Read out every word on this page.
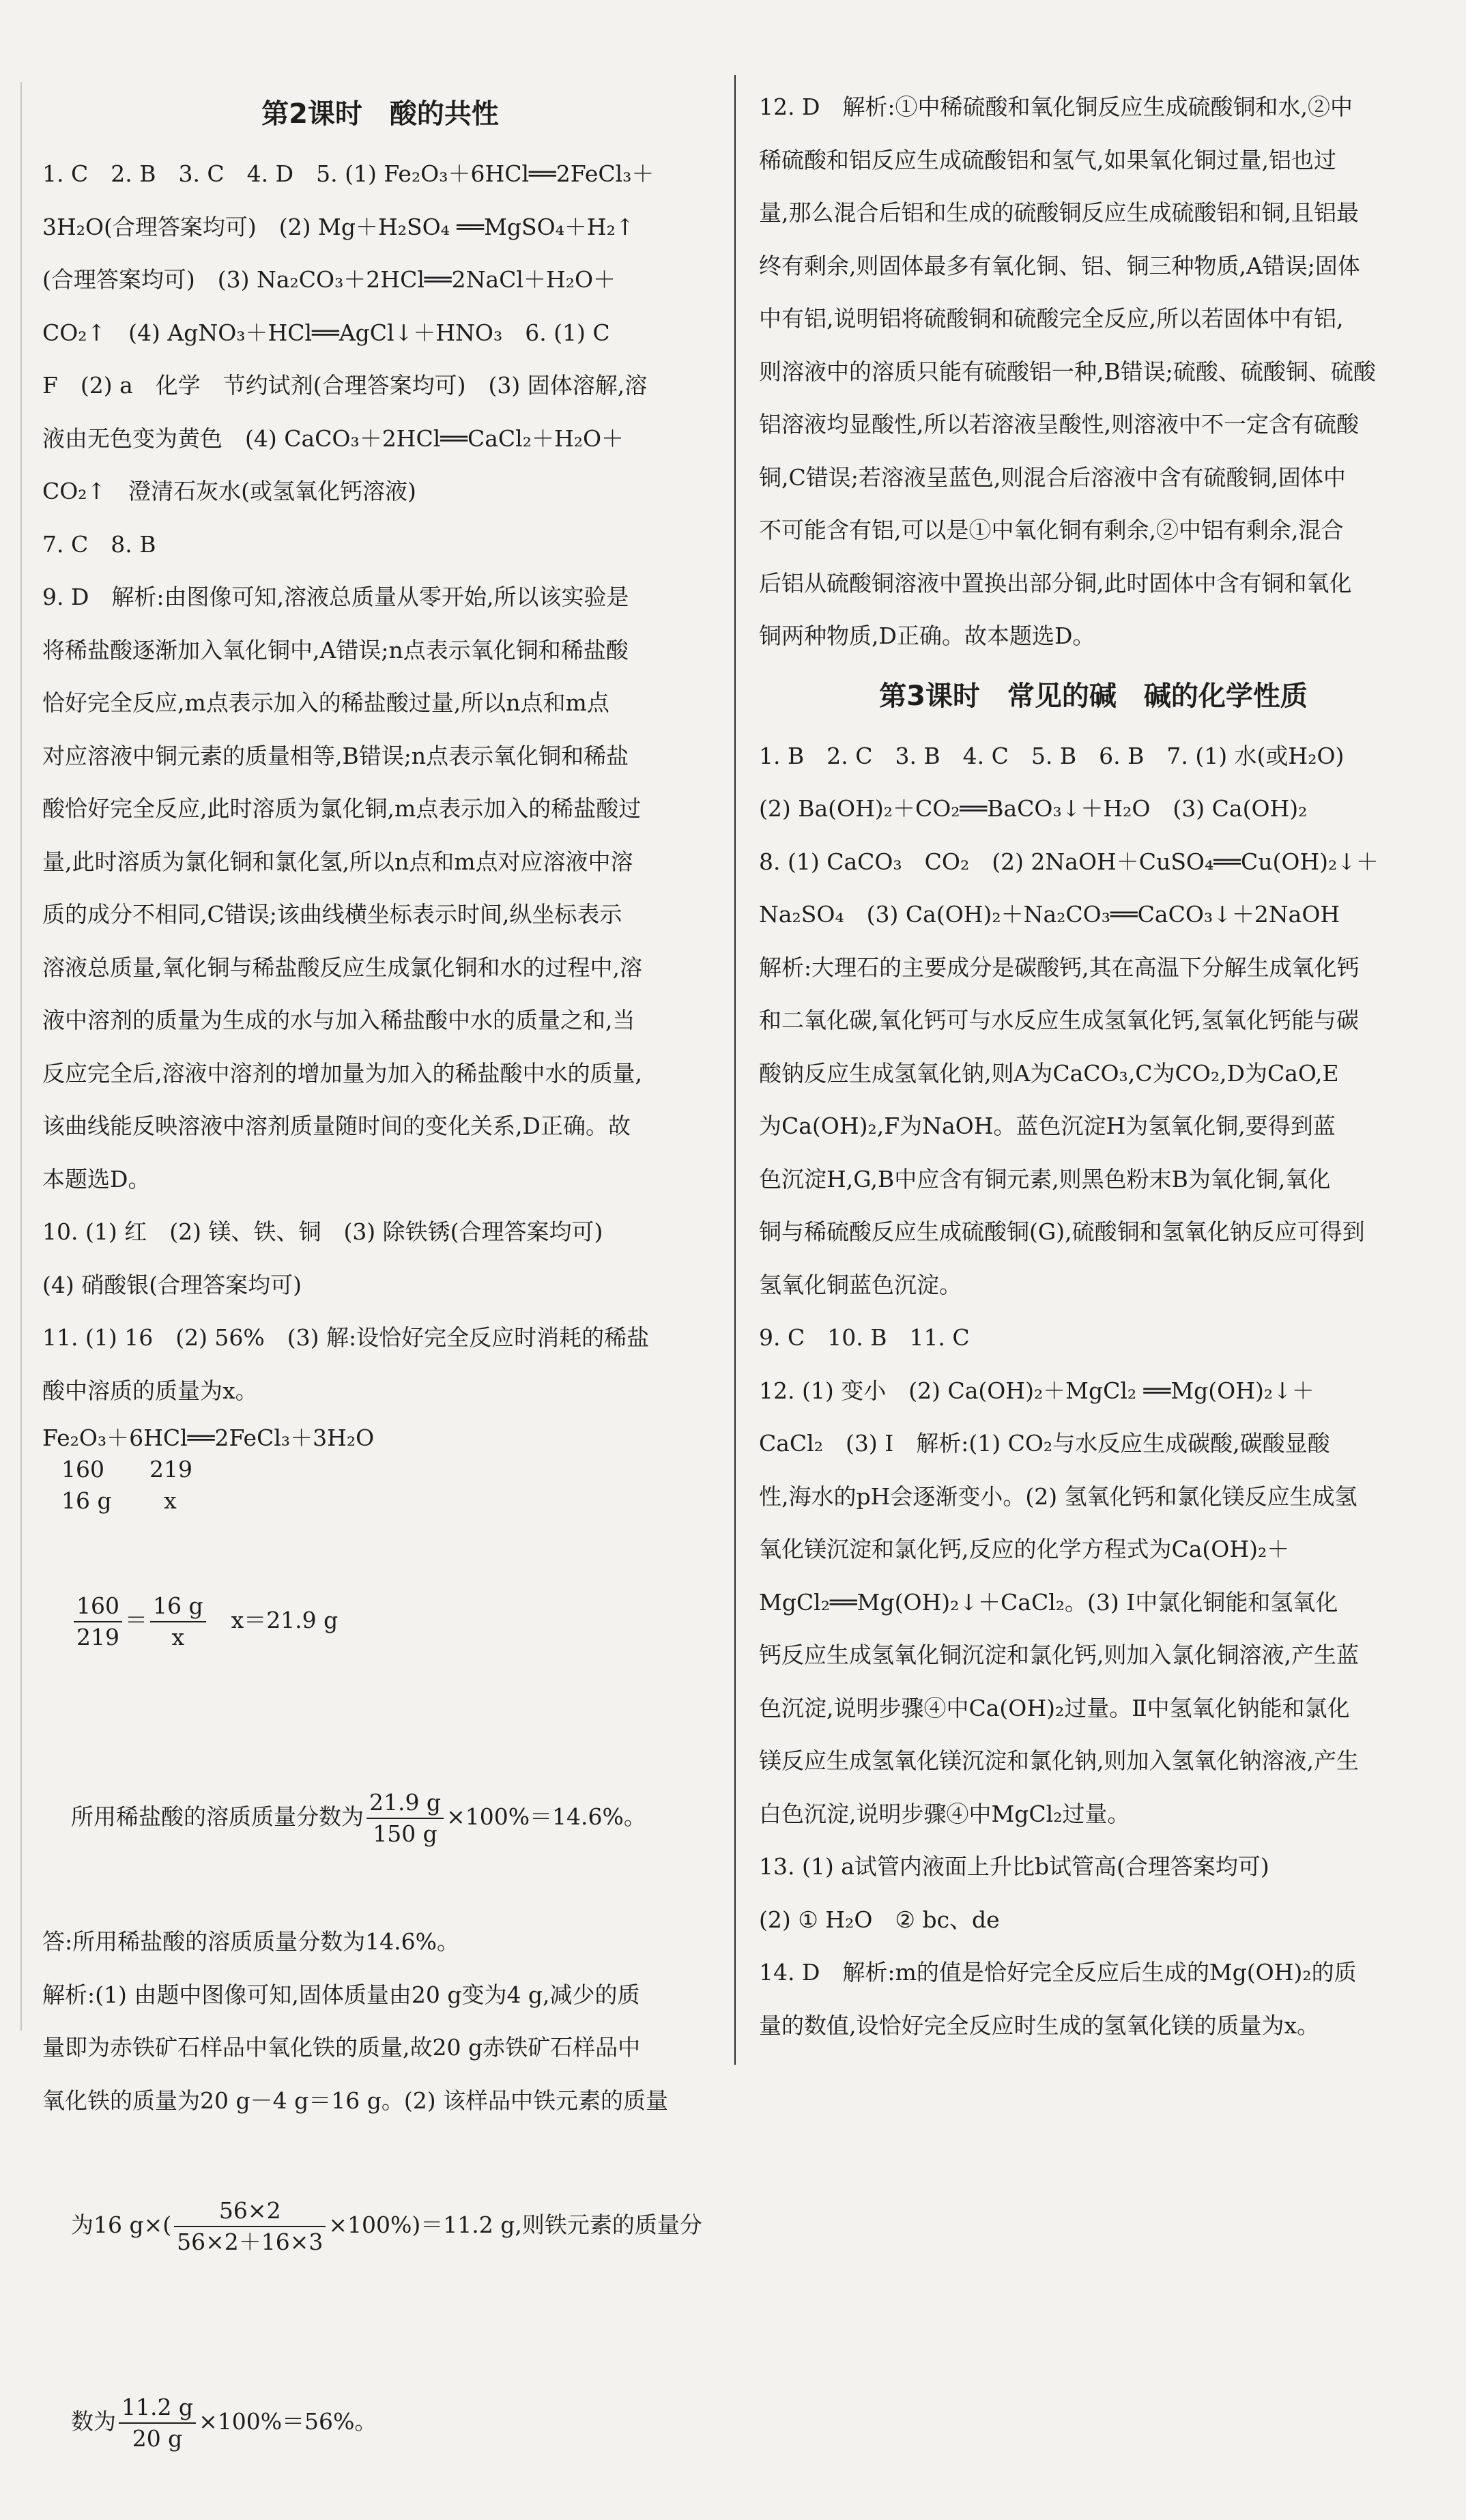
第2课时　酸的共性

1. C　2. B　3. C　4. D　5. (1) Fe₂O₃＋6HCl══2FeCl₃＋

3H₂O(合理答案均可)　(2) Mg＋H₂SO₄ ══MgSO₄＋H₂↑

(合理答案均可)　(3) Na₂CO₃＋2HCl══2NaCl＋H₂O＋

CO₂↑　(4) AgNO₃＋HCl══AgCl↓＋HNO₃　6. (1) C

F　(2) a　化学　节约试剂(合理答案均可)　(3) 固体溶解,溶

液由无色变为黄色　(4) CaCO₃＋2HCl══CaCl₂＋H₂O＋

CO₂↑　澄清石灰水(或氢氧化钙溶液)

7. C　8. B

9. D　解析:由图像可知,溶液总质量从零开始,所以该实验是

将稀盐酸逐渐加入氧化铜中,A错误;n点表示氧化铜和稀盐酸

恰好完全反应,m点表示加入的稀盐酸过量,所以n点和m点

对应溶液中铜元素的质量相等,B错误;n点表示氧化铜和稀盐

酸恰好完全反应,此时溶质为氯化铜,m点表示加入的稀盐酸过

量,此时溶质为氯化铜和氯化氢,所以n点和m点对应溶液中溶

质的成分不相同,C错误;该曲线横坐标表示时间,纵坐标表示

溶液总质量,氧化铜与稀盐酸反应生成氯化铜和水的过程中,溶

液中溶剂的质量为生成的水与加入稀盐酸中水的质量之和,当

反应完全后,溶液中溶剂的增加量为加入的稀盐酸中水的质量,

该曲线能反映溶液中溶剂质量随时间的变化关系,D正确。故

本题选D。

10. (1) 红　(2) 镁、铁、铜　(3) 除铁锈(合理答案均可)

(4) 硝酸银(合理答案均可)

11. (1) 16　(2) 56%　(3) 解:设恰好完全反应时消耗的稀盐

酸中溶质的质量为x。

Fe₂O₃＋6HCl══2FeCl₃＋3H₂O
160　　219
16 g　　 x

$\frac{160}{219} = \frac{16 g}{x}$
　 x＝21.9 g

所用稀盐酸的溶质质量分数为 $\frac{21.9 g}{150 g} \times 100\%=14.6\%$。

答:所用稀盐酸的溶质质量分数为14.6%。

解析:(1) 由题中图像可知,固体质量由20 g变为4 g,减少的质

量即为赤铁矿石样品中氧化铁的质量,故20 g赤铁矿石样品中

氧化铁的质量为20 g－4 g＝16 g。(2) 该样品中铁元素的质量

为16 $g\times( \frac{56\times 2}{56\times 2+16\times 3} \times 100\%)=11.2$ g,则铁元素的质量分

数为 $\frac{11.2 g}{20 g} \times 100\%=56\%$。

12. D　解析:①中稀硫酸和氧化铜反应生成硫酸铜和水,②中

稀硫酸和铝反应生成硫酸铝和氢气,如果氧化铜过量,铝也过

量,那么混合后铝和生成的硫酸铜反应生成硫酸铝和铜,且铝最

终有剩余,则固体最多有氧化铜、铝、铜三种物质,A错误;固体

中有铝,说明铝将硫酸铜和硫酸完全反应,所以若固体中有铝,

则溶液中的溶质只能有硫酸铝一种,B错误;硫酸、硫酸铜、硫酸

铝溶液均显酸性,所以若溶液呈酸性,则溶液中不一定含有硫酸

铜,C错误;若溶液呈蓝色,则混合后溶液中含有硫酸铜,固体中

不可能含有铝,可以是①中氧化铜有剩余,②中铝有剩余,混合

后铝从硫酸铜溶液中置换出部分铜,此时固体中含有铜和氧化

铜两种物质,D正确。故本题选D。

第3课时　常见的碱　碱的化学性质

1. B　2. C　3. B　4. C　5. B　6. B　7. (1) 水(或H₂O)

(2) Ba(OH)₂＋CO₂══BaCO₃↓＋H₂O　(3) Ca(OH)₂

8. (1) CaCO₃　CO₂　(2) 2NaOH＋CuSO₄══Cu(OH)₂↓＋

Na₂SO₄　(3) Ca(OH)₂＋Na₂CO₃══CaCO₃↓＋2NaOH

解析:大理石的主要成分是碳酸钙,其在高温下分解生成氧化钙

和二氧化碳,氧化钙可与水反应生成氢氧化钙,氢氧化钙能与碳

酸钠反应生成氢氧化钠,则A为CaCO₃,C为CO₂,D为CaO,E

为Ca(OH)₂,F为NaOH。蓝色沉淀H为氢氧化铜,要得到蓝

色沉淀H,G,B中应含有铜元素,则黑色粉末B为氧化铜,氧化

铜与稀硫酸反应生成硫酸铜(G),硫酸铜和氢氧化钠反应可得到

氢氧化铜蓝色沉淀。

9. C　10. B　11. C

12. (1) 变小　(2) Ca(OH)₂＋MgCl₂ ══Mg(OH)₂↓＋

CaCl₂　(3) Ⅰ　解析:(1) CO₂与水反应生成碳酸,碳酸显酸

性,海水的pH会逐渐变小。(2) 氢氧化钙和氯化镁反应生成氢

氧化镁沉淀和氯化钙,反应的化学方程式为Ca(OH)₂＋

MgCl₂══Mg(OH)₂↓＋CaCl₂。(3) Ⅰ中氯化铜能和氢氧化

钙反应生成氢氧化铜沉淀和氯化钙,则加入氯化铜溶液,产生蓝

色沉淀,说明步骤④中Ca(OH)₂过量。Ⅱ中氢氧化钠能和氯化

镁反应生成氢氧化镁沉淀和氯化钠,则加入氢氧化钠溶液,产生

白色沉淀,说明步骤④中MgCl₂过量。

13. (1) a试管内液面上升比b试管高(合理答案均可)

(2) ① H₂O　② bc、de

14. D　解析:m的值是恰好完全反应后生成的Mg(OH)₂的质

量的数值,设恰好完全反应时生成的氢氧化镁的质量为x。
